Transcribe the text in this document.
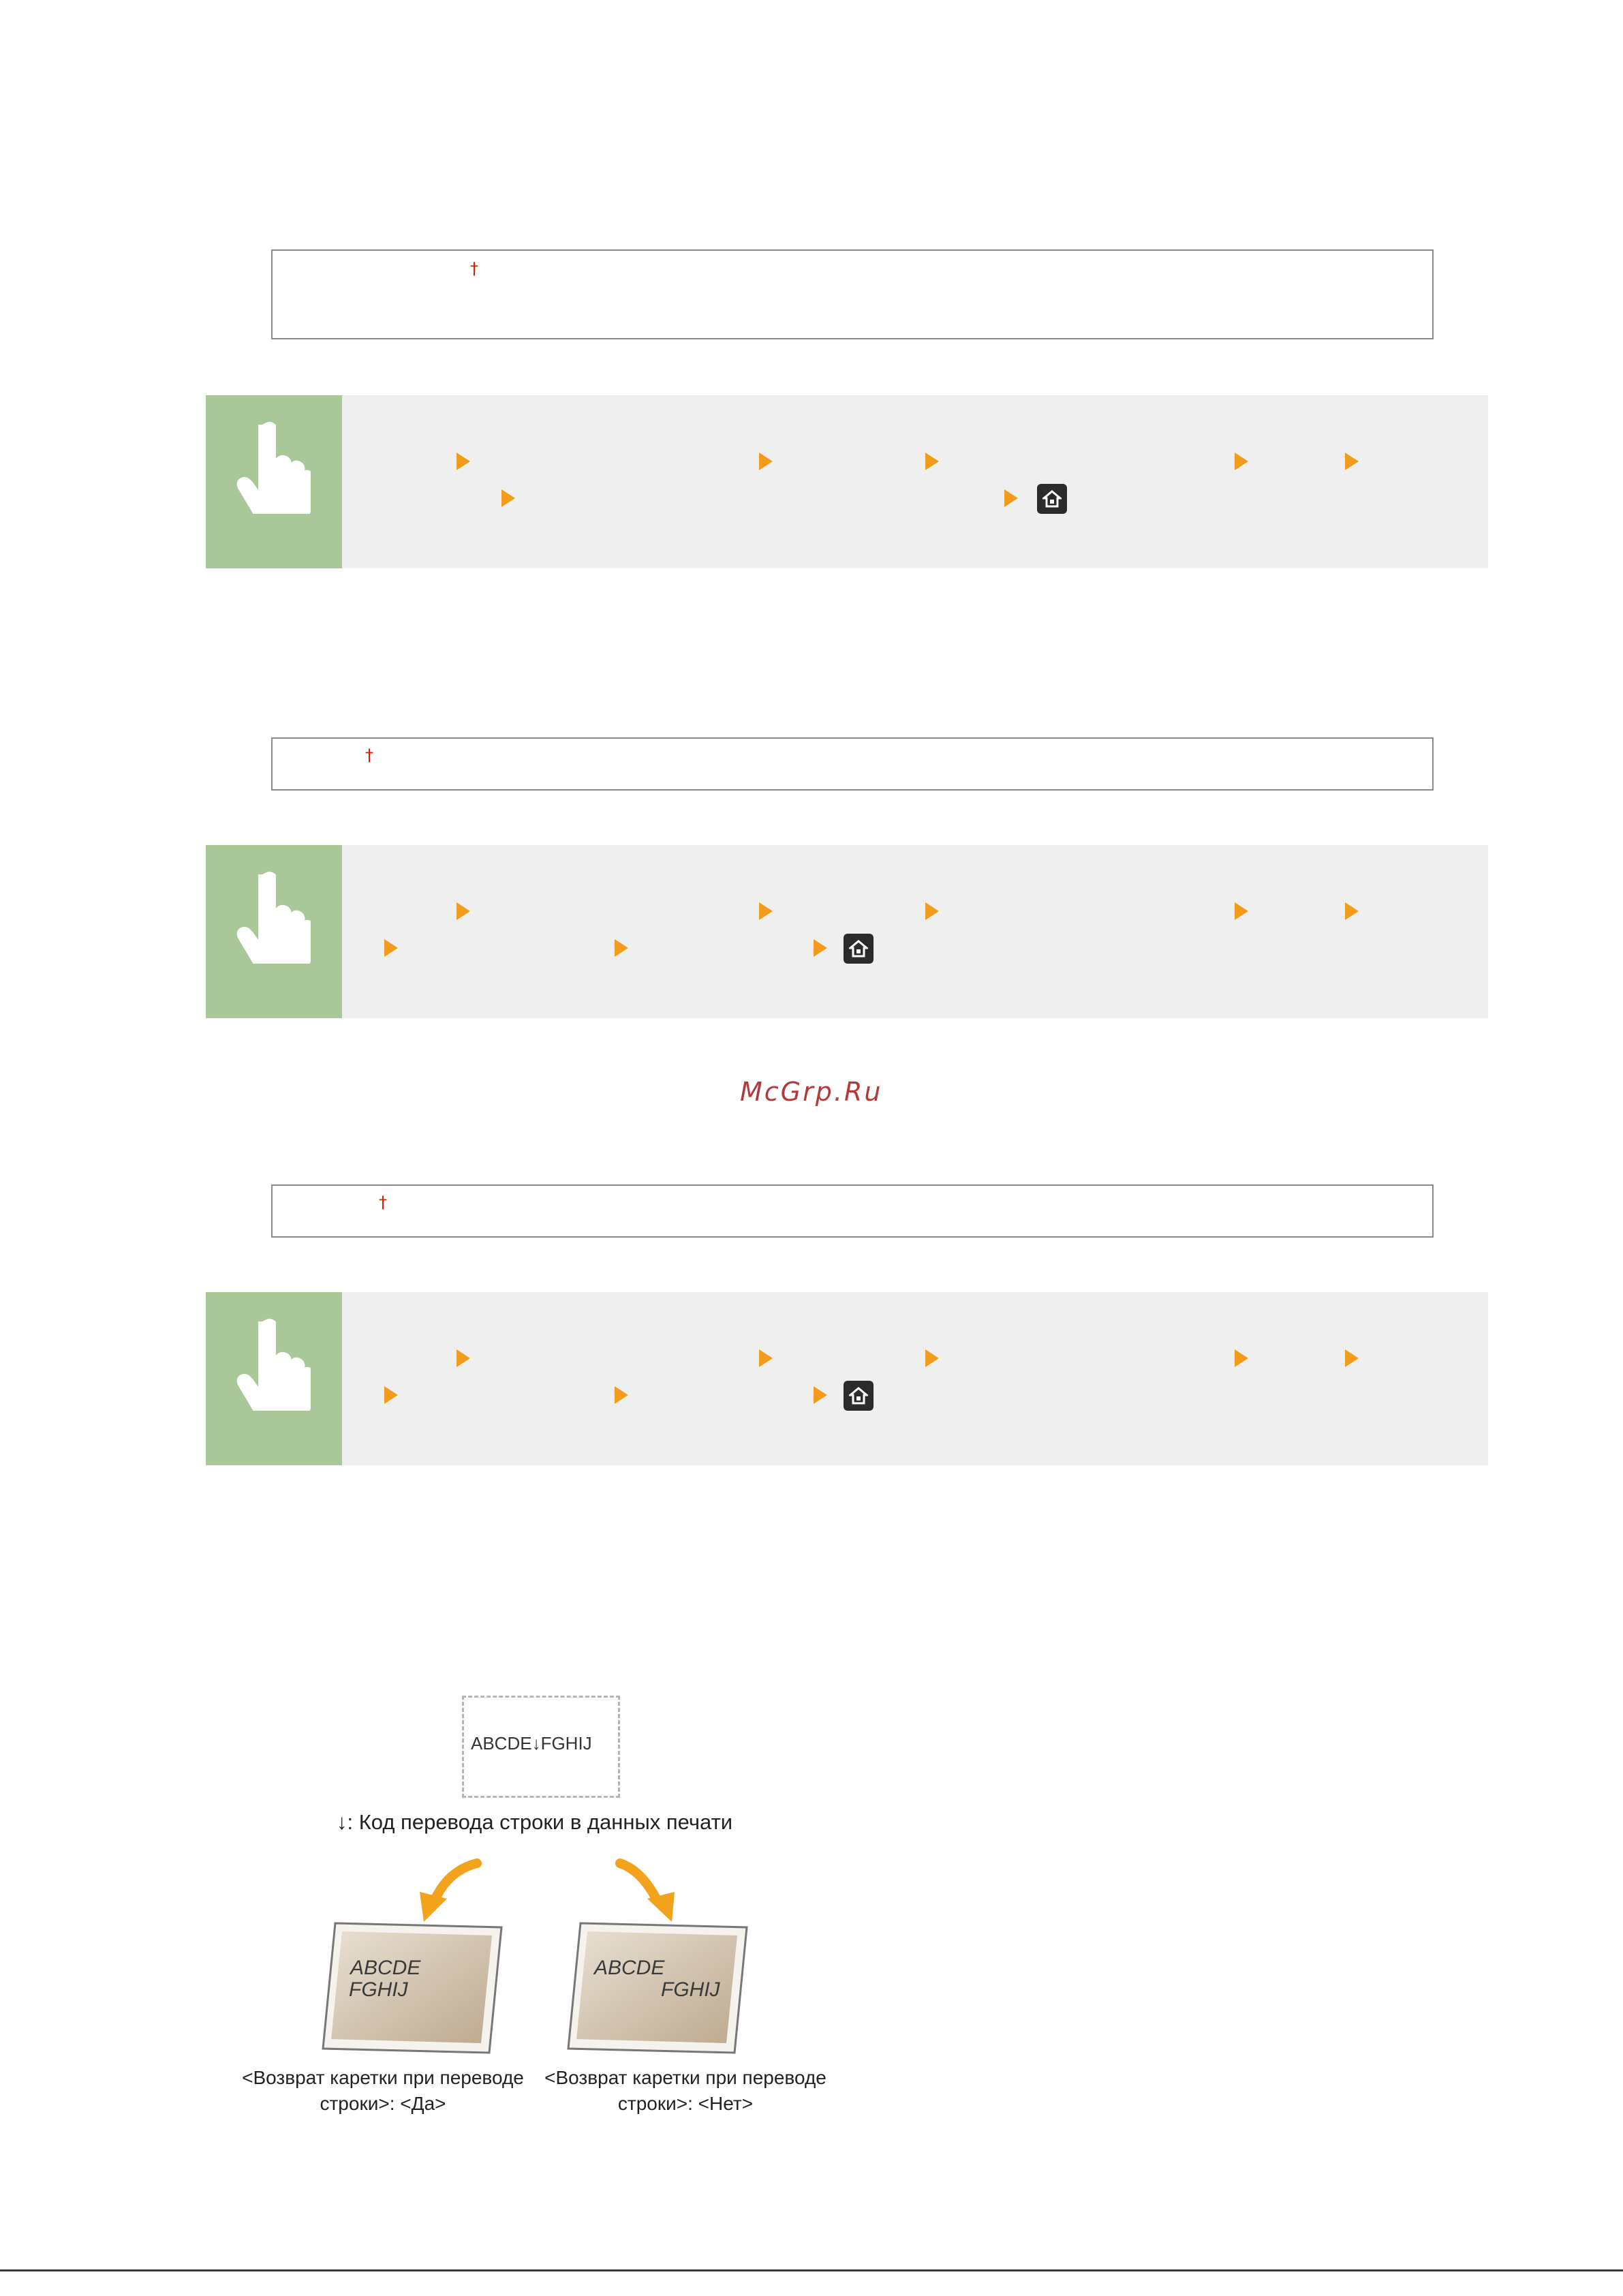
†
†
McGrp.Ru
†
ABCDE↓FGHIJ
↓: Код перевода строки в данных печати
ABCDE
FGHIJ
ABCDE
FGHIJ
<Возврат каретки при переводе
строки>: <Да>
<Возврат каретки при переводе
строки>: <Нет>
